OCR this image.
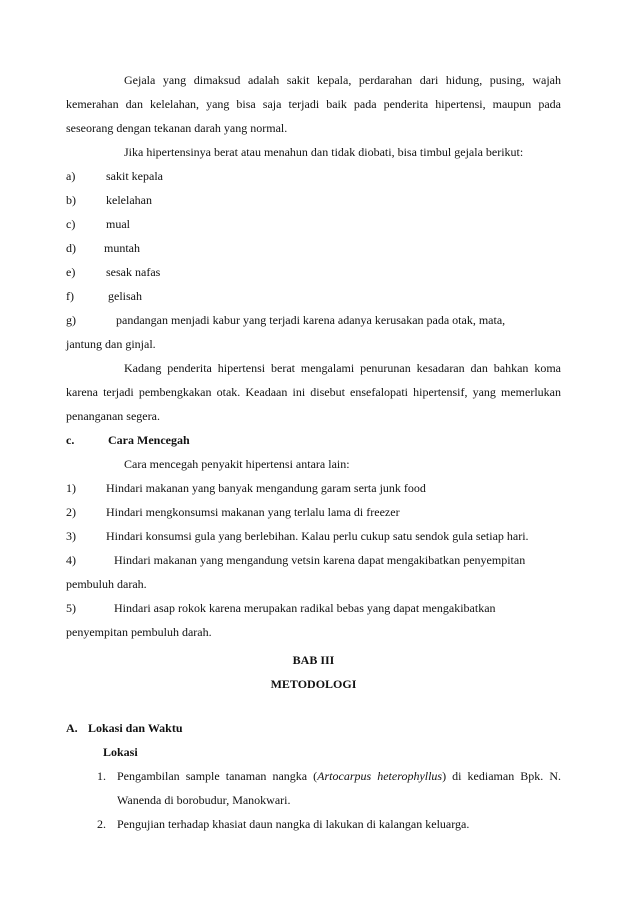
Gejala yang dimaksud adalah sakit kepala, perdarahan dari hidung, pusing, wajah kemerahan dan kelelahan, yang bisa saja terjadi baik pada penderita hipertensi, maupun pada seseorang dengan tekanan darah yang normal.

Jika hipertensinya berat atau menahun dan tidak diobati, bisa timbul gejala berikut:

a)	sakit kepala
b)	kelelahan
c)	mual
d)	muntah
e)	sesak nafas
f)	gelisah
g)	pandangan menjadi kabur yang terjadi karena adanya kerusakan pada otak, mata,

jantung dan ginjal.

Kadang penderita hipertensi berat mengalami penurunan kesadaran dan bahkan koma karena terjadi pembengkakan otak. Keadaan ini disebut ensefalopati hipertensif, yang memerlukan penanganan segera.

c.	Cara Mencegah

Cara mencegah penyakit hipertensi antara lain:

1)	Hindari makanan yang banyak mengandung garam serta junk food
2)	Hindari mengkonsumsi makanan yang terlalu lama di freezer
3)	Hindari konsumsi gula yang berlebihan. Kalau perlu cukup satu sendok gula setiap hari.
4)	Hindari makanan yang mengandung vetsin karena dapat mengakibatkan penyempitan

pembuluh darah.

5)	Hindari asap rokok karena merupakan radikal bebas yang dapat mengakibatkan

penyempitan pembuluh darah.

BAB III

METODOLOGI

A. Lokasi dan Waktu

Lokasi

1. Pengambilan sample tanaman nangka (Artocarpus heterophyllus) di kediaman Bpk. N. Wanenda di borobudur, Manokwari.
2. Pengujian terhadap khasiat daun nangka di lakukan di kalangan keluarga.
